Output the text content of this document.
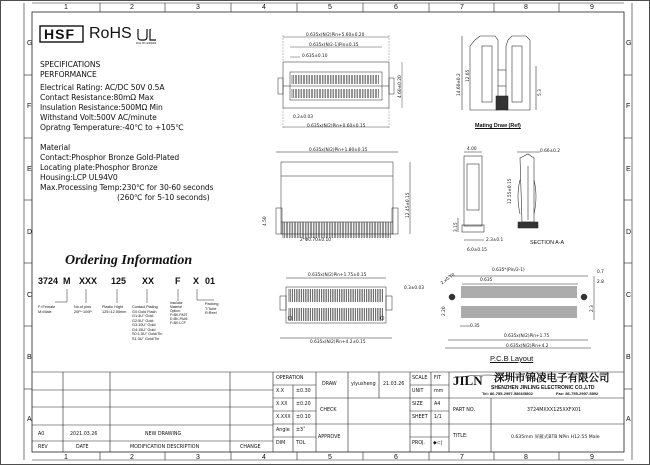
1	2	3	4	5	6	7	8	9
1	2	3	4	5	6	7	8	9
G
F
E
D
C
B
A
G
F
E
D
C
B
A
HSF RoHS
FILE NO. E360009
SPECIFICATIONS
PERFORMANCE
Electrical Rating: AC/DC 50V 0.5A
Contact Resistance:80mΩ Max
Insulation Resistance:500MΩ Min
Withstand Volt:500V AC/minute
Opratng Temperature:-40℃ to +105℃
Material
Contact:Phosphor Bronze Gold-Plated
Locating plate:Phosphor Bronze
Housing:LCP UL94V0
Max.Processing Temp:230℃ for 30-60 seconds
(260℃ for 5-10 seconds)
Ordering Information
3724 M XXX 125 XX F X 01
F=Female
M=Male
No.of pins
20P~100P
Plastic Hight
125=12.55mm
Contact Plating
G0:Gold Flash
G1:3U" Gold
G2:5U" Gold
G3:10U" Gold
G4:15U" Gold
S0:1.5U" Gold/Tin
S1:3U" Gold/Tin
Insulator
Material
Option:
F=BK-PA9T
E=BK-PA46
F=BK-LCP
Packing
T:Tube
R:Reel
0.635x(N/2)Pin+5.60±0.20
0.635x(N/2-1)Pin±0.15
0.635±0.10
0.2±0.03
0.635x(N/2)Pin+0.60±0.15
4.60±0.20
0.635x(N/2)Pin+1.80±0.15
12.45±0.15
4.50
2*Φ0.70±0.10
0.635x(N/2)Pin+1.75±0.15
0.3±0.03
0.635x(N/2)Pin+4.2±0.15
14.60±0.2 12.65
5.3
Mating Draw (Ref)
4.00	0.66±0.2
12.55±0.15
3.15
2.3±0.1
6.0±0.15
SECTION A-A
0.635*(Pin/2-1)
0.635
0.7
2.8
0.35
0.635x(N/2)Pin+1.75
0.635x(N/2)Pin+4.2
2.3
2.20
2.x0.70
P.C.B Layout
OPERATION
X.X ±0.30
X.XX ±0.20
X.XXX ±0.10
Angle ±3˚
DIM TOL
DRAW	yiyusheng 21.03.26
CHECK
APPROVE
SCALE FIT
UNIT mm
SIZE A4
SHEET 1/1
PROJ. ◆⊂|
JILN 深圳市锦凌电子有限公司
SHENZHEN JINLING ELECTRONIC CO.,LTD
Tel: 86-755-2997-5866/5802	Fax: 86-755-2997-5892
PART NO.	3724MXXX125XXFX01
TITLE:	0.635mm 屏蔽式BTB NPin H12.55 Male
A0	2021.03.26	NEW DRAWING
REV	DATE	MODIFICATION DESCRIPTION	CHANGE
